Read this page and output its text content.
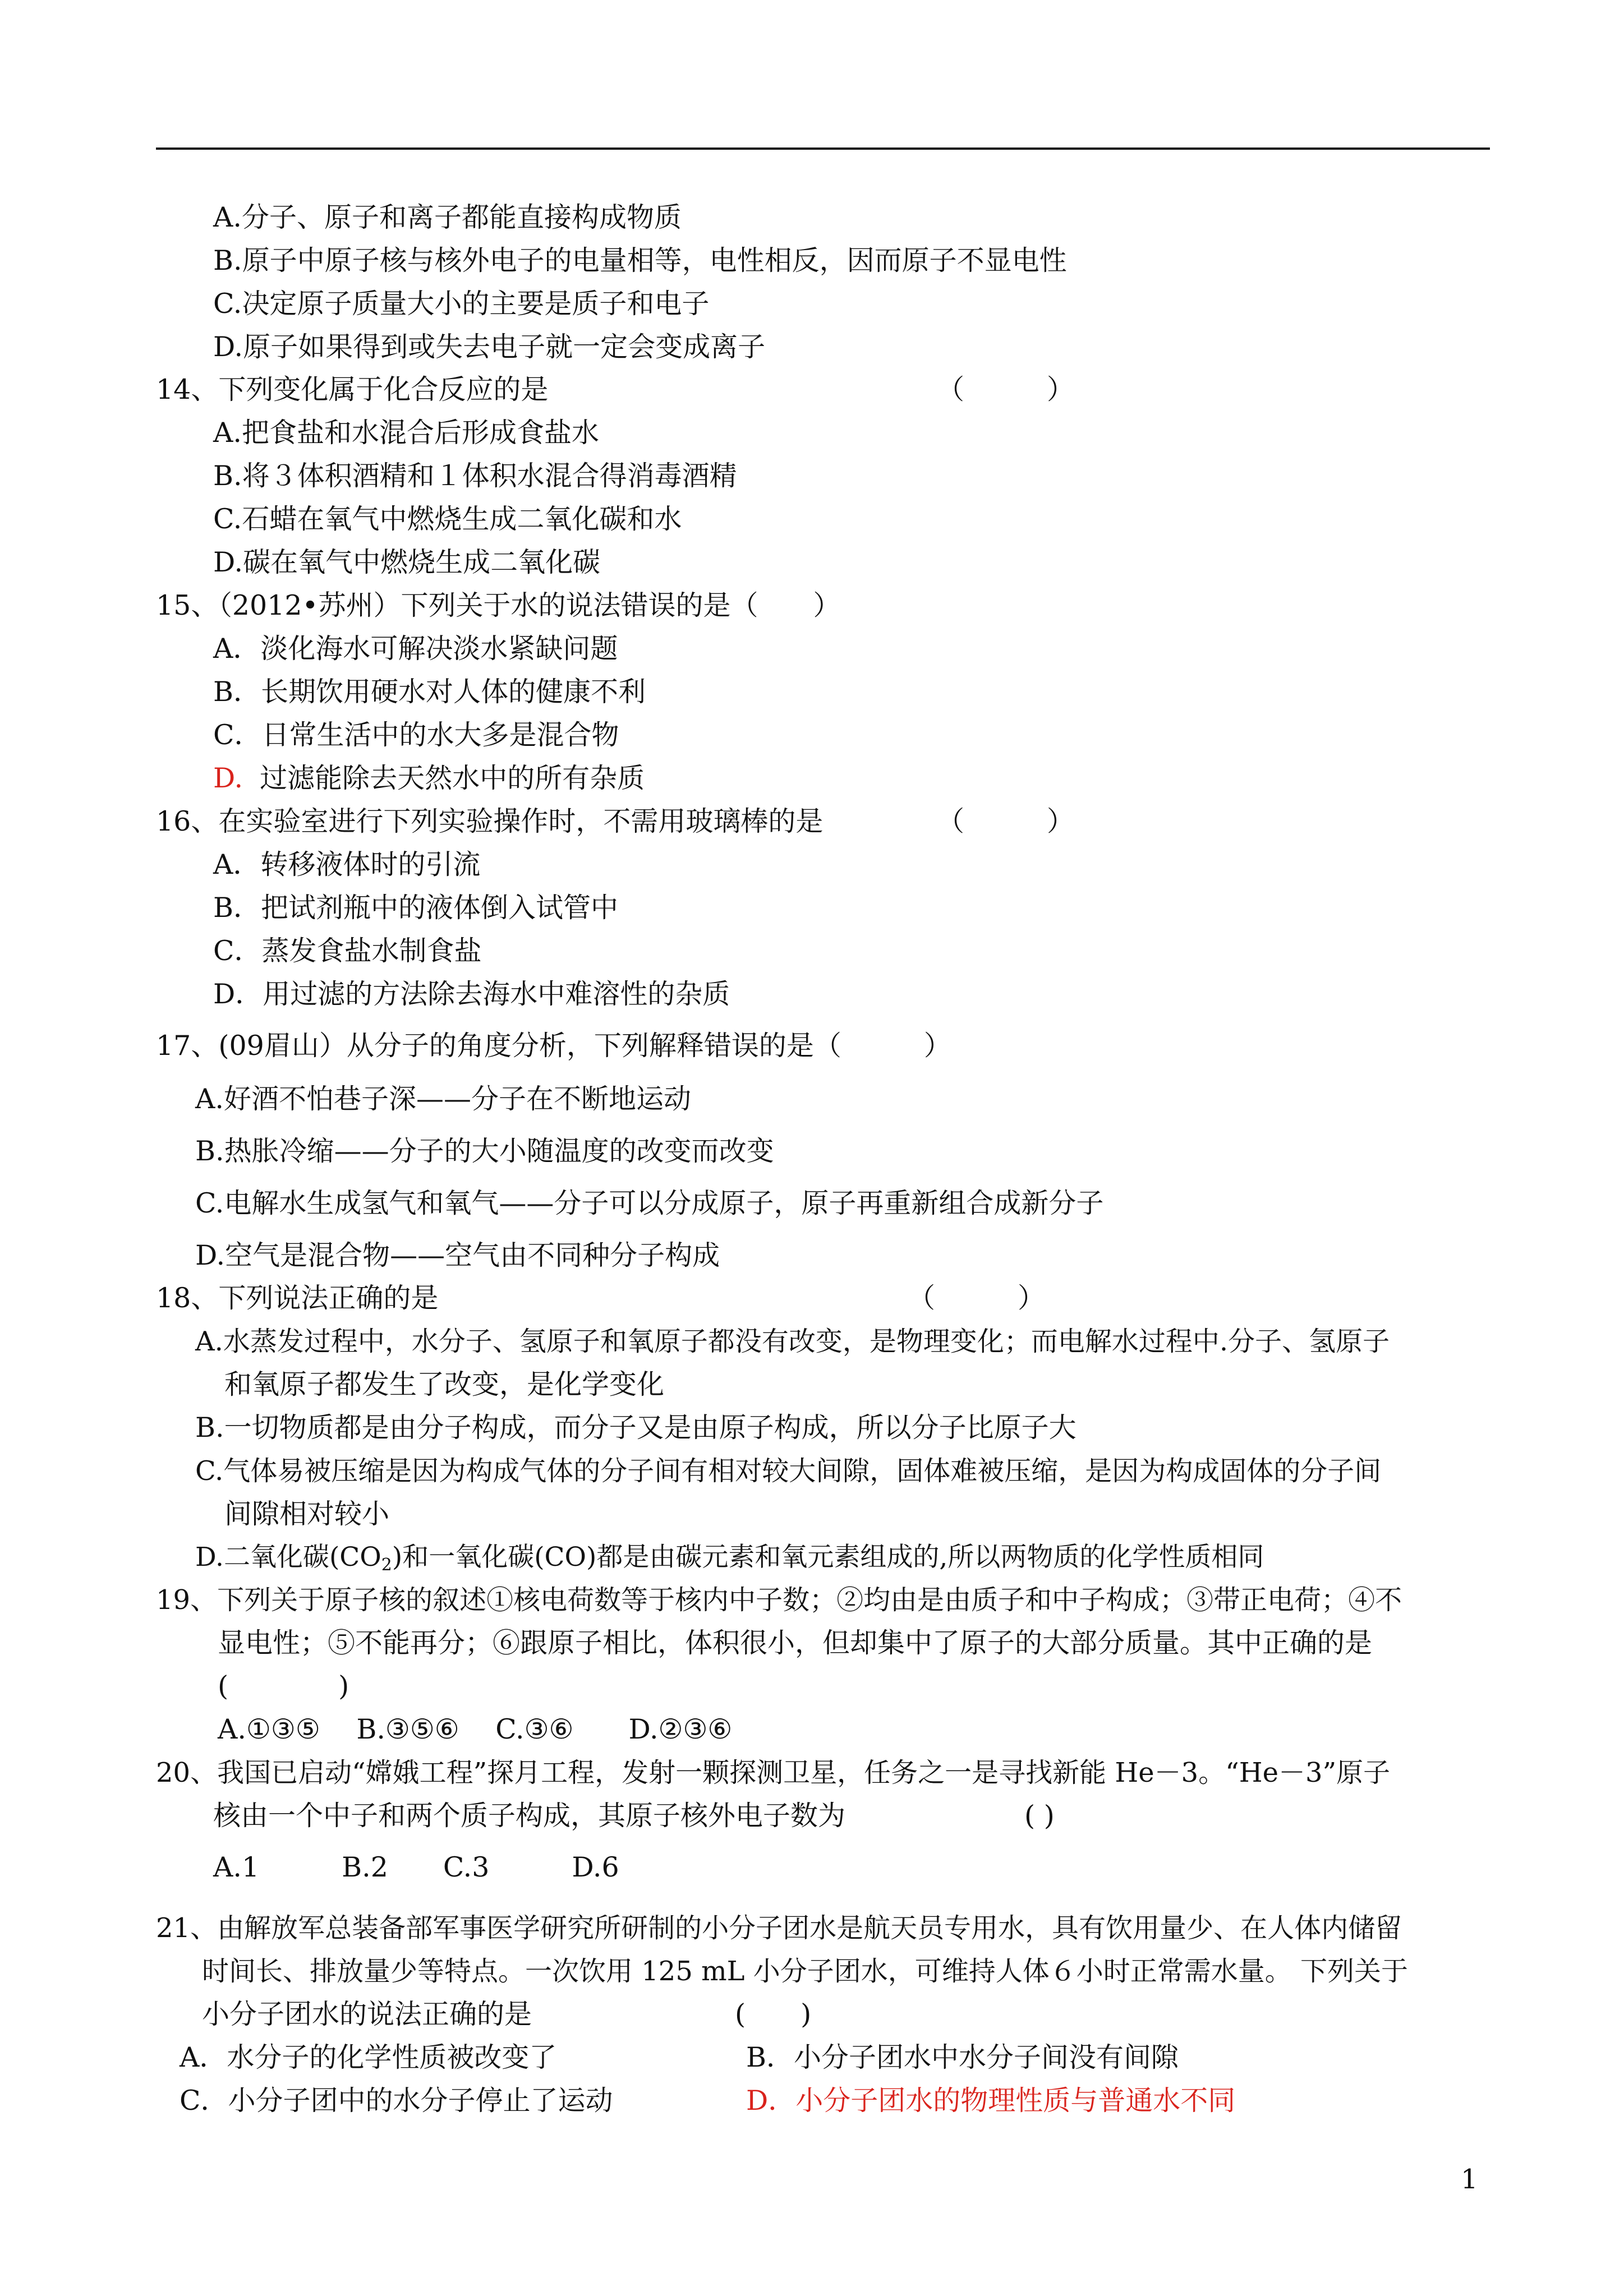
A.分子、原子和离子都能直接构成物质
B.原子中原子核与核外电子的电量相等，电性相反，因而原子不显电性
C.决定原子质量大小的主要是质子和电子
D.原子如果得到或失去电子就一定会变成离子
14、下列变化属于化合反应的是	（　　　）
A.把食盐和水混合后形成食盐水
B.将３体积酒精和１体积水混合得消毒酒精
C.石蜡在氧气中燃烧生成二氧化碳和水
D.碳在氧气中燃烧生成二氧化碳
15、（2012•苏州）下列关于水的说法错误的是（　　）
A．淡化海水可解决淡水紧缺问题
B．长期饮用硬水对人体的健康不利
C．日常生活中的水大多是混合物
D. 过滤能除去天然水中的所有杂质
16、在实验室进行下列实验操作时，不需用玻璃棒的是	（　　　）
A．转移液体时的引流
B．把试剂瓶中的液体倒入试管中
C．蒸发食盐水制食盐
D．用过滤的方法除去海水中难溶性的杂质
17、(09眉山）从分子的角度分析，下列解释错误的是（　　　）
A.好酒不怕巷子深——分子在不断地运动
B.热胀冷缩——分子的大小随温度的改变而改变
C.电解水生成氢气和氧气——分子可以分成原子，原子再重新组合成新分子
D.空气是混合物——空气由不同种分子构成
18、下列说法正确的是	（　　　）
A.水蒸发过程中，水分子、氢原子和氧原子都没有改变，是物理变化；而电解水过程中.分子、氢原子
和氧原子都发生了改变，是化学变化
B.一切物质都是由分子构成，而分子又是由原子构成，所以分子比原子大
C.气体易被压缩是因为构成气体的分子间有相对较大间隙，固体难被压缩，是因为构成固体的分子间
间隙相对较小
D.二氧化碳$(CO_2)$和一氧化碳(CO)都是由碳元素和氧元素组成的,所以两物质的化学性质相同
19、下列关于原子核的叙述①核电荷数等于核内中子数；②均由是由质子和中子构成；③带正电荷；④不
显电性；⑤不能再分；⑥跟原子相比，体积很小，但却集中了原子的大部分质量。其中正确的是
(　　　　)
A.①③⑤　 B.③⑤⑥　 C.③⑥　　D.②③⑥
20、我国已启动“嫦娥工程”探月工程，发射一颗探测卫星，任务之一是寻找新能 He－3。“He－3”原子
核由一个中子和两个质子构成，其原子核外电子数为	( )
A.1　　　B.2　　C.3　　　D.6
21、由解放军总装备部军事医学研究所研制的小分子团水是航天员专用水，具有饮用量少、在人体内储留
时间长、排放量少等特点。一次饮用 125 mL 小分子团水，可维持人体６小时正常需水量。 下列关于
小分子团水的说法正确的是	(　　)
A．水分子的化学性质被改变了	B．小分子团水中水分子间没有间隙
C．小分子团中的水分子停止了运动	D．小分子团水的物理性质与普通水不同
1
